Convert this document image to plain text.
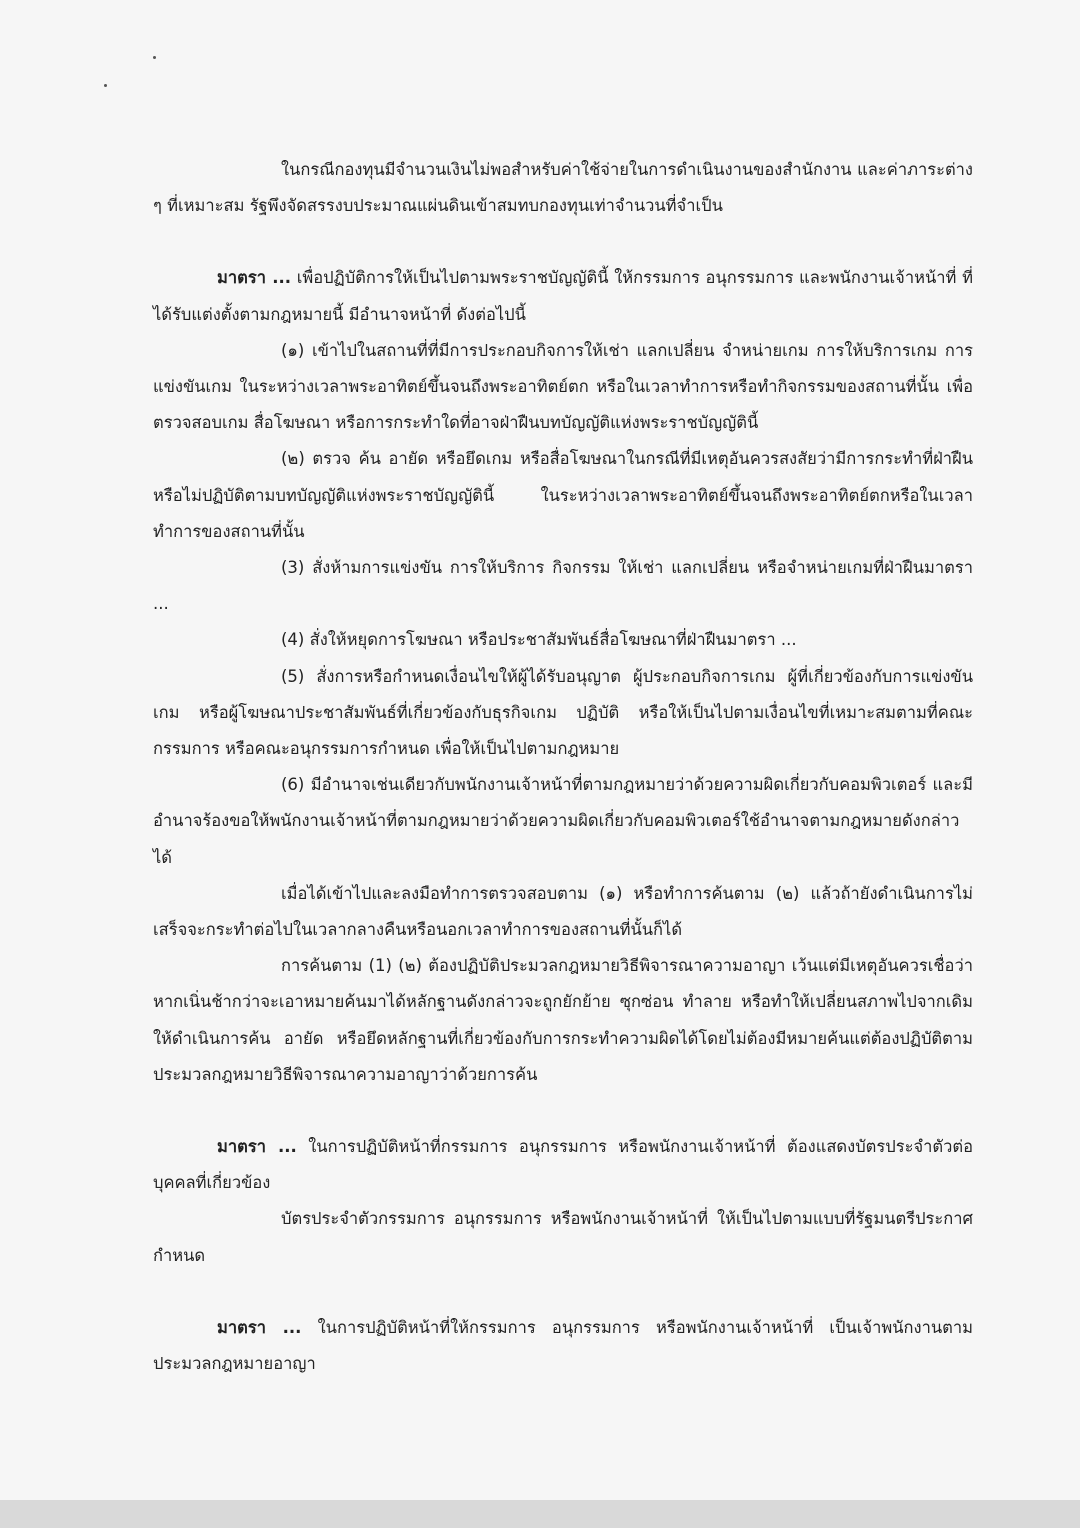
ในกรณีกองทุนมีจำนวนเงินไม่พอสำหรับค่าใช้จ่ายในการดำเนินงานของสำนักงาน และค่าภาระต่าง ๆ ที่เหมาะสม รัฐพึงจัดสรรงบประมาณแผ่นดินเข้าสมทบกองทุนเท่าจำนวนที่จำเป็น

มาตรา ... เพื่อปฏิบัติการให้เป็นไปตามพระราชบัญญัตินี้ ให้กรรมการ อนุกรรมการ และพนักงานเจ้าหน้าที่ ที่ได้รับแต่งตั้งตามกฎหมายนี้ มีอำนาจหน้าที่ ดังต่อไปนี้

(๑) เข้าไปในสถานที่ที่มีการประกอบกิจการให้เช่า แลกเปลี่ยน จำหน่ายเกม การให้บริการเกม การแข่งขันเกม ในระหว่างเวลาพระอาทิตย์ขึ้นจนถึงพระอาทิตย์ตก หรือในเวลาทำการหรือทำกิจกรรมของสถานที่นั้น เพื่อตรวจสอบเกม สื่อโฆษณา หรือการกระทำใดที่อาจฝ่าฝืนบทบัญญัติแห่งพระราชบัญญัตินี้

(๒) ตรวจ ค้น อายัด หรือยึดเกม หรือสื่อโฆษณาในกรณีที่มีเหตุอันควรสงสัยว่ามีการกระทำที่ฝ่าฝืนหรือไม่ปฏิบัติตามบทบัญญัติแห่งพระราชบัญญัตินี้ ในระหว่างเวลาพระอาทิตย์ขึ้นจนถึงพระอาทิตย์ตกหรือในเวลาทำการของสถานที่นั้น

(3) สั่งห้ามการแข่งขัน การให้บริการ กิจกรรม ให้เช่า แลกเปลี่ยน หรือจำหน่ายเกมที่ฝ่าฝืนมาตรา ...

(4) สั่งให้หยุดการโฆษณา หรือประชาสัมพันธ์สื่อโฆษณาที่ฝ่าฝืนมาตรา ...

(5) สั่งการหรือกำหนดเงื่อนไขให้ผู้ได้รับอนุญาต ผู้ประกอบกิจการเกม ผู้ที่เกี่ยวข้องกับการแข่งขันเกม หรือผู้โฆษณาประชาสัมพันธ์ที่เกี่ยวข้องกับธุรกิจเกม ปฏิบัติ หรือให้เป็นไปตามเงื่อนไขที่เหมาะสมตามที่คณะกรรมการ หรือคณะอนุกรรมการกำหนด เพื่อให้เป็นไปตามกฎหมาย

(6) มีอำนาจเช่นเดียวกับพนักงานเจ้าหน้าที่ตามกฎหมายว่าด้วยความผิดเกี่ยวกับคอมพิวเตอร์ และมีอำนาจร้องขอให้พนักงานเจ้าหน้าที่ตามกฎหมายว่าด้วยความผิดเกี่ยวกับคอมพิวเตอร์ใช้อำนาจตามกฎหมายดังกล่าวได้

เมื่อได้เข้าไปและลงมือทำการตรวจสอบตาม (๑) หรือทำการค้นตาม (๒) แล้วถ้ายังดำเนินการไม่เสร็จจะกระทำต่อไปในเวลากลางคืนหรือนอกเวลาทำการของสถานที่นั้นก็ได้

การค้นตาม (1) (๒) ต้องปฏิบัติประมวลกฎหมายวิธีพิจารณาความอาญา เว้นแต่มีเหตุอันควรเชื่อว่าหากเนิ่นช้ากว่าจะเอาหมายค้นมาได้หลักฐานดังกล่าวจะถูกยักย้าย ซุกซ่อน ทำลาย หรือทำให้เปลี่ยนสภาพไปจากเดิม ให้ดำเนินการค้น อายัด หรือยึดหลักฐานที่เกี่ยวข้องกับการกระทำความผิดได้โดยไม่ต้องมีหมายค้นแต่ต้องปฏิบัติตามประมวลกฎหมายวิธีพิจารณาความอาญาว่าด้วยการค้น

มาตรา ... ในการปฏิบัติหน้าที่กรรมการ อนุกรรมการ หรือพนักงานเจ้าหน้าที่ ต้องแสดงบัตรประจำตัวต่อบุคคลที่เกี่ยวข้อง

บัตรประจำตัวกรรมการ อนุกรรมการ หรือพนักงานเจ้าหน้าที่ ให้เป็นไปตามแบบที่รัฐมนตรีประกาศกำหนด

มาตรา ... ในการปฏิบัติหน้าที่ให้กรรมการ อนุกรรมการ หรือพนักงานเจ้าหน้าที่ เป็นเจ้าพนักงานตามประมวลกฎหมายอาญา
